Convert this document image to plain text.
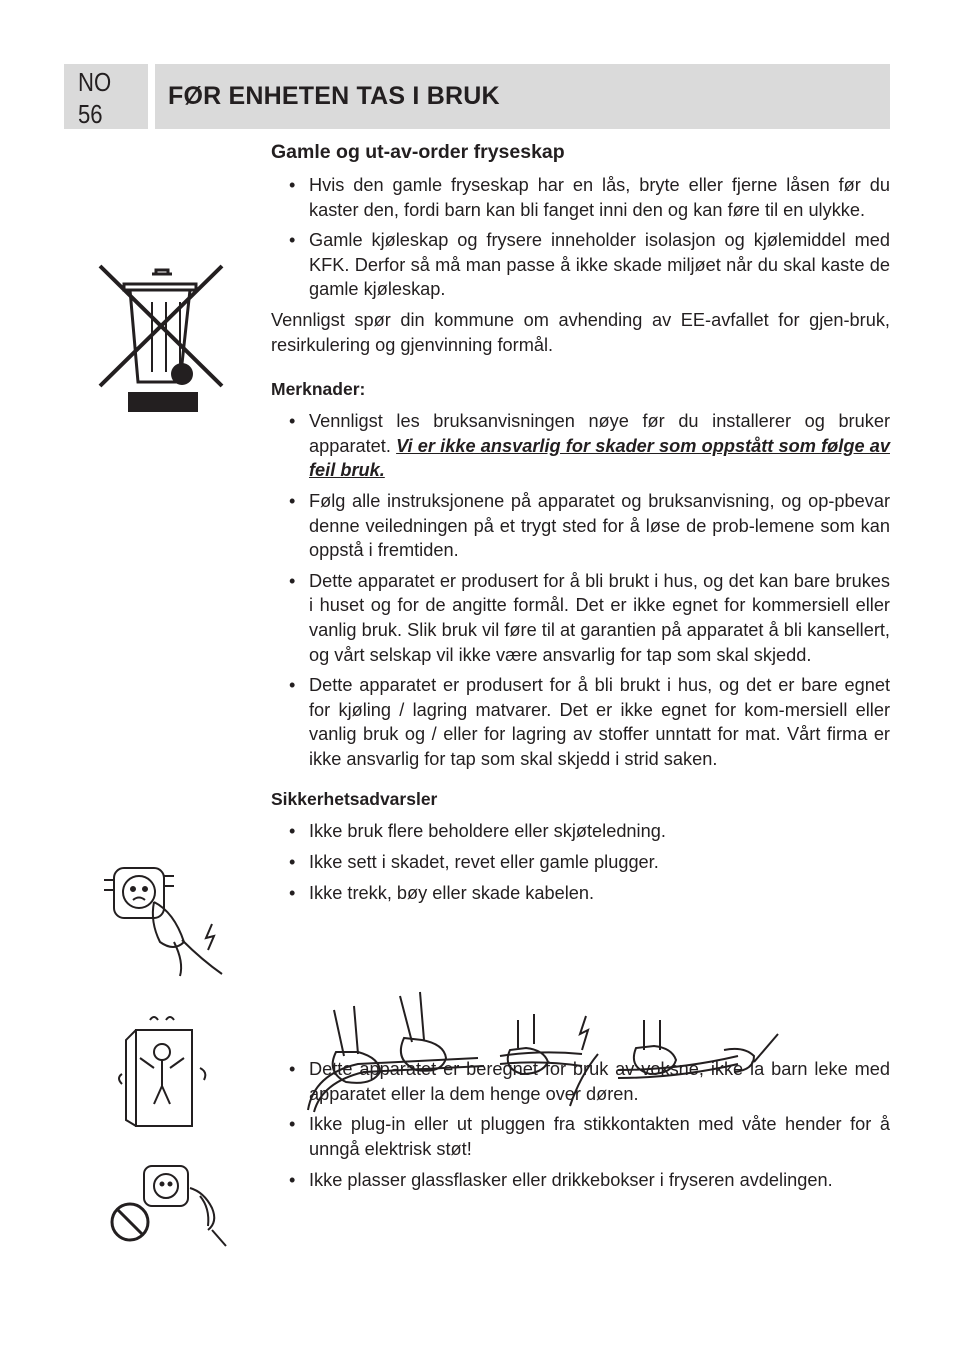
NO
56
FØR ENHETEN TAS I BRUK
Gamle og ut-av-order fryseskap
• Hvis den gamle fryseskap har en lås, bryte eller fjerne låsen før du kaster den, fordi barn kan bli fanget inni den og kan føre til en ulykke.
• Gamle kjøleskap og frysere inneholder isolasjon og kjølemiddel med KFK. Derfor så må man passe å ikke skade miljøet når du skal kaste de gamle kjøleskap.

Vennligst spør din kommune om avhending av EE-avfallet for gjen-bruk, resirkulering og gjenvinning formål.

Merknader:
• Vennligst les bruksanvisningen nøye før du installerer og bruker apparatet. Vi er ikke ansvarlig for skader som oppstått som følge av feil bruk.
• Følg alle instruksjonene på apparatet og bruksanvisning, og op-pbevar denne veiledningen på et trygt sted for å løse de prob-lemene som kan oppstå i fremtiden.
• Dette apparatet er produsert for å bli brukt i hus, og det kan bare brukes i huset og for de angitte formål. Det er ikke egnet for kommersiell eller vanlig bruk. Slik bruk vil føre til at garantien på apparatet å bli kansellert, og vårt selskap vil ikke være ansvarlig for tap som skal skjedd.
• Dette apparatet er produsert for å bli brukt i hus, og det er bare egnet for kjøling / lagring matvarer. Det er ikke egnet for kom-mersiell eller vanlig bruk og / eller for lagring av stoffer unntatt for mat. Vårt firma er ikke ansvarlig for tap som skal skjedd i strid saken.
Sikkerhetsadvarsler
• Ikke bruk flere beholdere eller skjøteledning.
• Ikke sett i skadet, revet eller gamle plugger.
• Ikke trekk, bøy eller skade kabelen.
• Dette apparatet er beregnet for bruk av voksne, ikke la barn leke med apparatet eller la dem henge over døren.
• Ikke plug-in eller ut pluggen fra stikkontakten med våte hender for å unngå elektrisk støt!
• Ikke plasser glassflasker eller drikkebokser i fryseren avdelingen.
